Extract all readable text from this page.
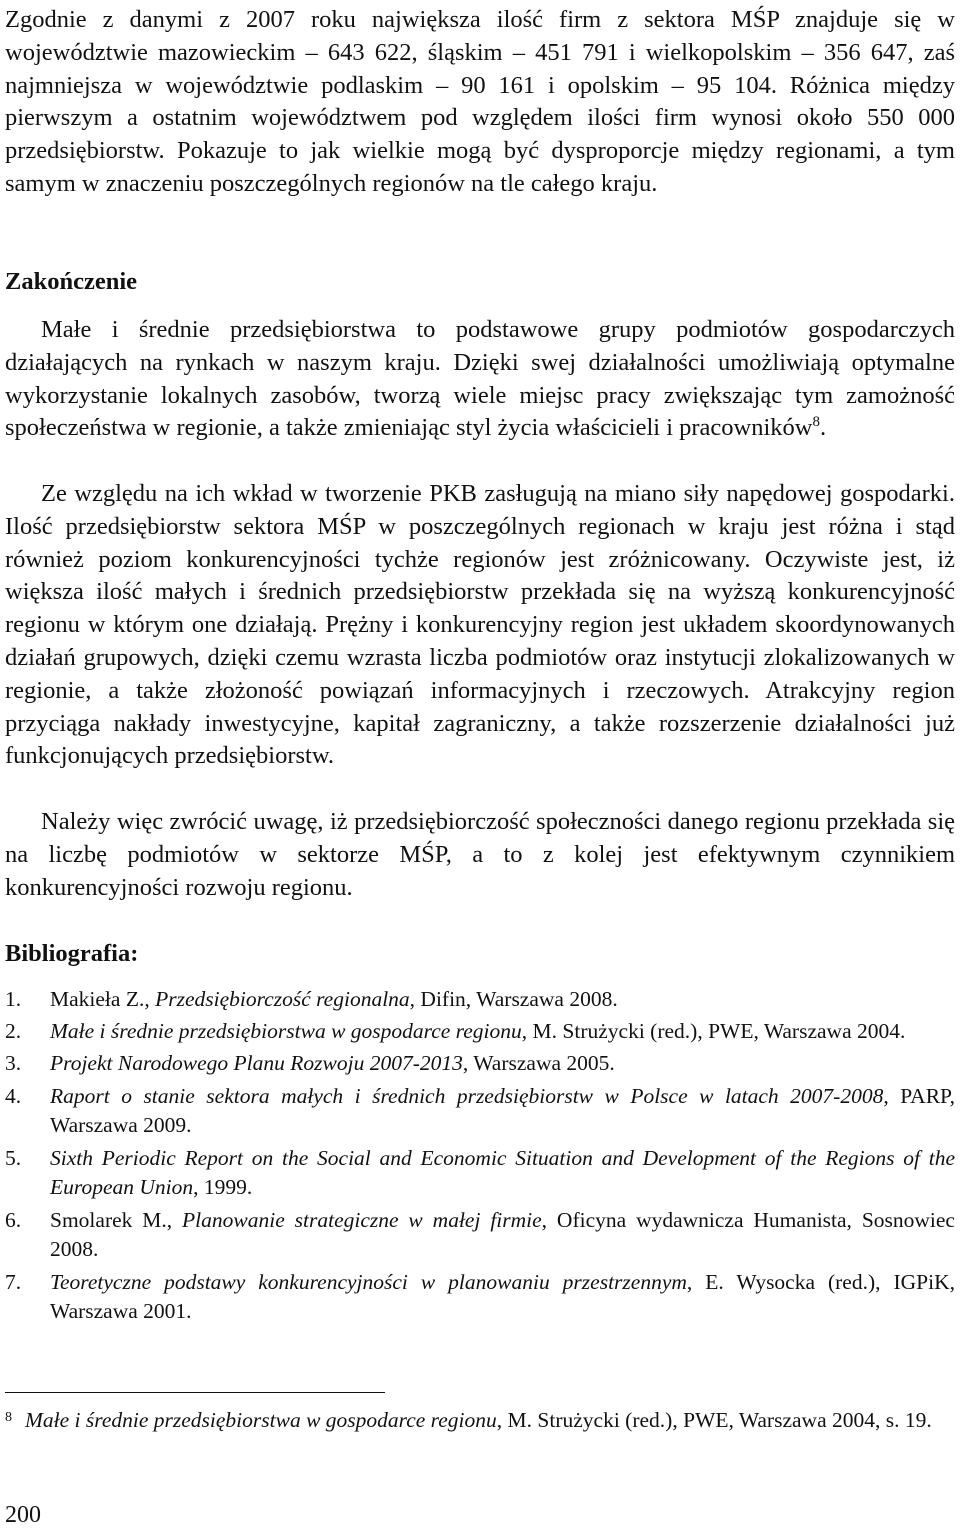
Zgodnie z danymi z 2007 roku największa ilość firm z sektora MŚP znajduje się w województwie mazowieckim – 643 622, śląskim – 451 791 i wielkopolskim – 356 647, zaś najmniejsza w województwie podlaskim – 90 161 i opolskim – 95 104. Różnica między pierwszym a ostatnim województwem pod względem ilości firm wynosi około 550 000 przedsiębiorstw. Pokazuje to jak wielkie mogą być dysproporcje między regionami, a tym samym w znaczeniu poszczególnych regionów na tle całego kraju.

Zakończenie

Małe i średnie przedsiębiorstwa to podstawowe grupy podmiotów gospodarczych działających na rynkach w naszym kraju. Dzięki swej działalności umożliwiają optymalne wykorzystanie lokalnych zasobów, tworzą wiele miejsc pracy zwiększając tym zamożność społeczeństwa w regionie, a także zmieniając styl życia właścicieli i pracowników$^8$.

Ze względu na ich wkład w tworzenie PKB zasługują na miano siły napędowej gospodarki. Ilość przedsiębiorstw sektora MŚP w poszczególnych regionach w kraju jest różna i stąd również poziom konkurencyjności tychże regionów jest zróżnicowany. Oczywiste jest, iż większa ilość małych i średnich przedsiębiorstw przekłada się na wyższą konkurencyjność regionu w którym one działają. Prężny i konkurencyjny region jest układem skoordynowanych działań grupowych, dzięki czemu wzrasta liczba podmiotów oraz instytucji zlokalizowanych w regionie, a także złożoność powiązań informacyjnych i rzeczowych. Atrakcyjny region przyciąga nakłady inwestycyjne, kapitał zagraniczny, a także rozszerzenie działalności już funkcjonujących przedsiębiorstw.

Należy więc zwrócić uwagę, iż przedsiębiorczość społeczności danego regionu przekłada się na liczbę podmiotów w sektorze MŚP, a to z kolej jest efektywnym czynnikiem konkurencyjności rozwoju regionu.

Bibliografia:
1. Makieła Z., Przedsiębiorczość regionalna, Difin, Warszawa 2008.
2. Małe i średnie przedsiębiorstwa w gospodarce regionu, M. Strużycki (red.), PWE, Warszawa 2004.
3. Projekt Narodowego Planu Rozwoju 2007-2013, Warszawa 2005.
4. Raport o stanie sektora małych i średnich przedsiębiorstw w Polsce w latach 2007-2008, PARP, Warszawa 2009.
5. Sixth Periodic Report on the Social and Economic Situation and Development of the Regions of the European Union, 1999.
6. Smolarek M., Planowanie strategiczne w małej firmie, Oficyna wydawnicza Humanista, Sosnowiec 2008.
7. Teoretyczne podstawy konkurencyjności w planowaniu przestrzennym, E. Wysocka (red.), IGPiK, Warszawa 2001.
8 Małe i średnie przedsiębiorstwa w gospodarce regionu, M. Strużycki (red.), PWE, Warszawa 2004, s. 19.
200
